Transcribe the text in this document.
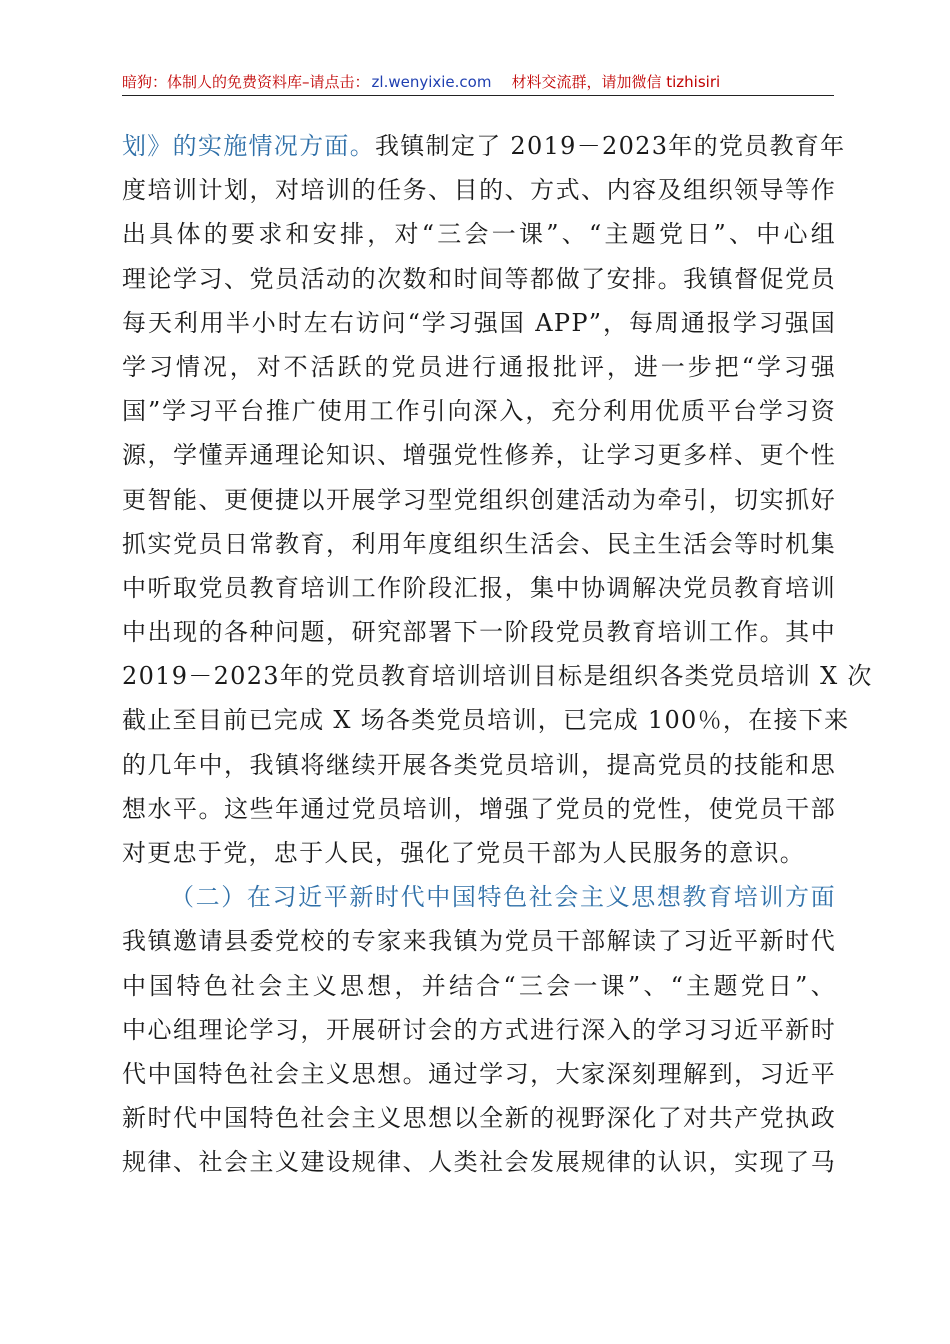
暗狗：体制人的免费资料库–请点击： zl.wenyixie.com 材料交流群，请加微信 tizhisiri
划》的实施情况方面。我镇制定了 2019－2023年的党员教育年
度培训计划，对培训的任务、目的、方式、内容及组织领导等作
出具体的要求和安排，对“三会一课”、“主题党日”、中心组
理论学习、党员活动的次数和时间等都做了安排。我镇督促党员
每天利用半小时左右访问“学习强国 APP”，每周通报学习强国
学习情况，对不活跃的党员进行通报批评，进一步把“学习强
国”学习平台推广使用工作引向深入，充分利用优质平台学习资
源，学懂弄通理论知识、增强党性修养，让学习更多样、更个性
更智能、更便捷以开展学习型党组织创建活动为牵引，切实抓好
抓实党员日常教育，利用年度组织生活会、民主生活会等时机集
中听取党员教育培训工作阶段汇报，集中协调解决党员教育培训
中出现的各种问题，研究部署下一阶段党员教育培训工作。其中
2019－2023年的党员教育培训培训目标是组织各类党员培训 X 次
截止至目前已完成 X 场各类党员培训，已完成 100％，在接下来
的几年中，我镇将继续开展各类党员培训，提高党员的技能和思
想水平。这些年通过党员培训，增强了党员的党性，使党员干部
对更忠于党，忠于人民，强化了党员干部为人民服务的意识。
（二）在习近平新时代中国特色社会主义思想教育培训方面
我镇邀请县委党校的专家来我镇为党员干部解读了习近平新时代
中国特色社会主义思想，并结合“三会一课”、“主题党日”、
中心组理论学习，开展研讨会的方式进行深入的学习习近平新时
代中国特色社会主义思想。通过学习，大家深刻理解到，习近平
新时代中国特色社会主义思想以全新的视野深化了对共产党执政
规律、社会主义建设规律、人类社会发展规律的认识，实现了马
